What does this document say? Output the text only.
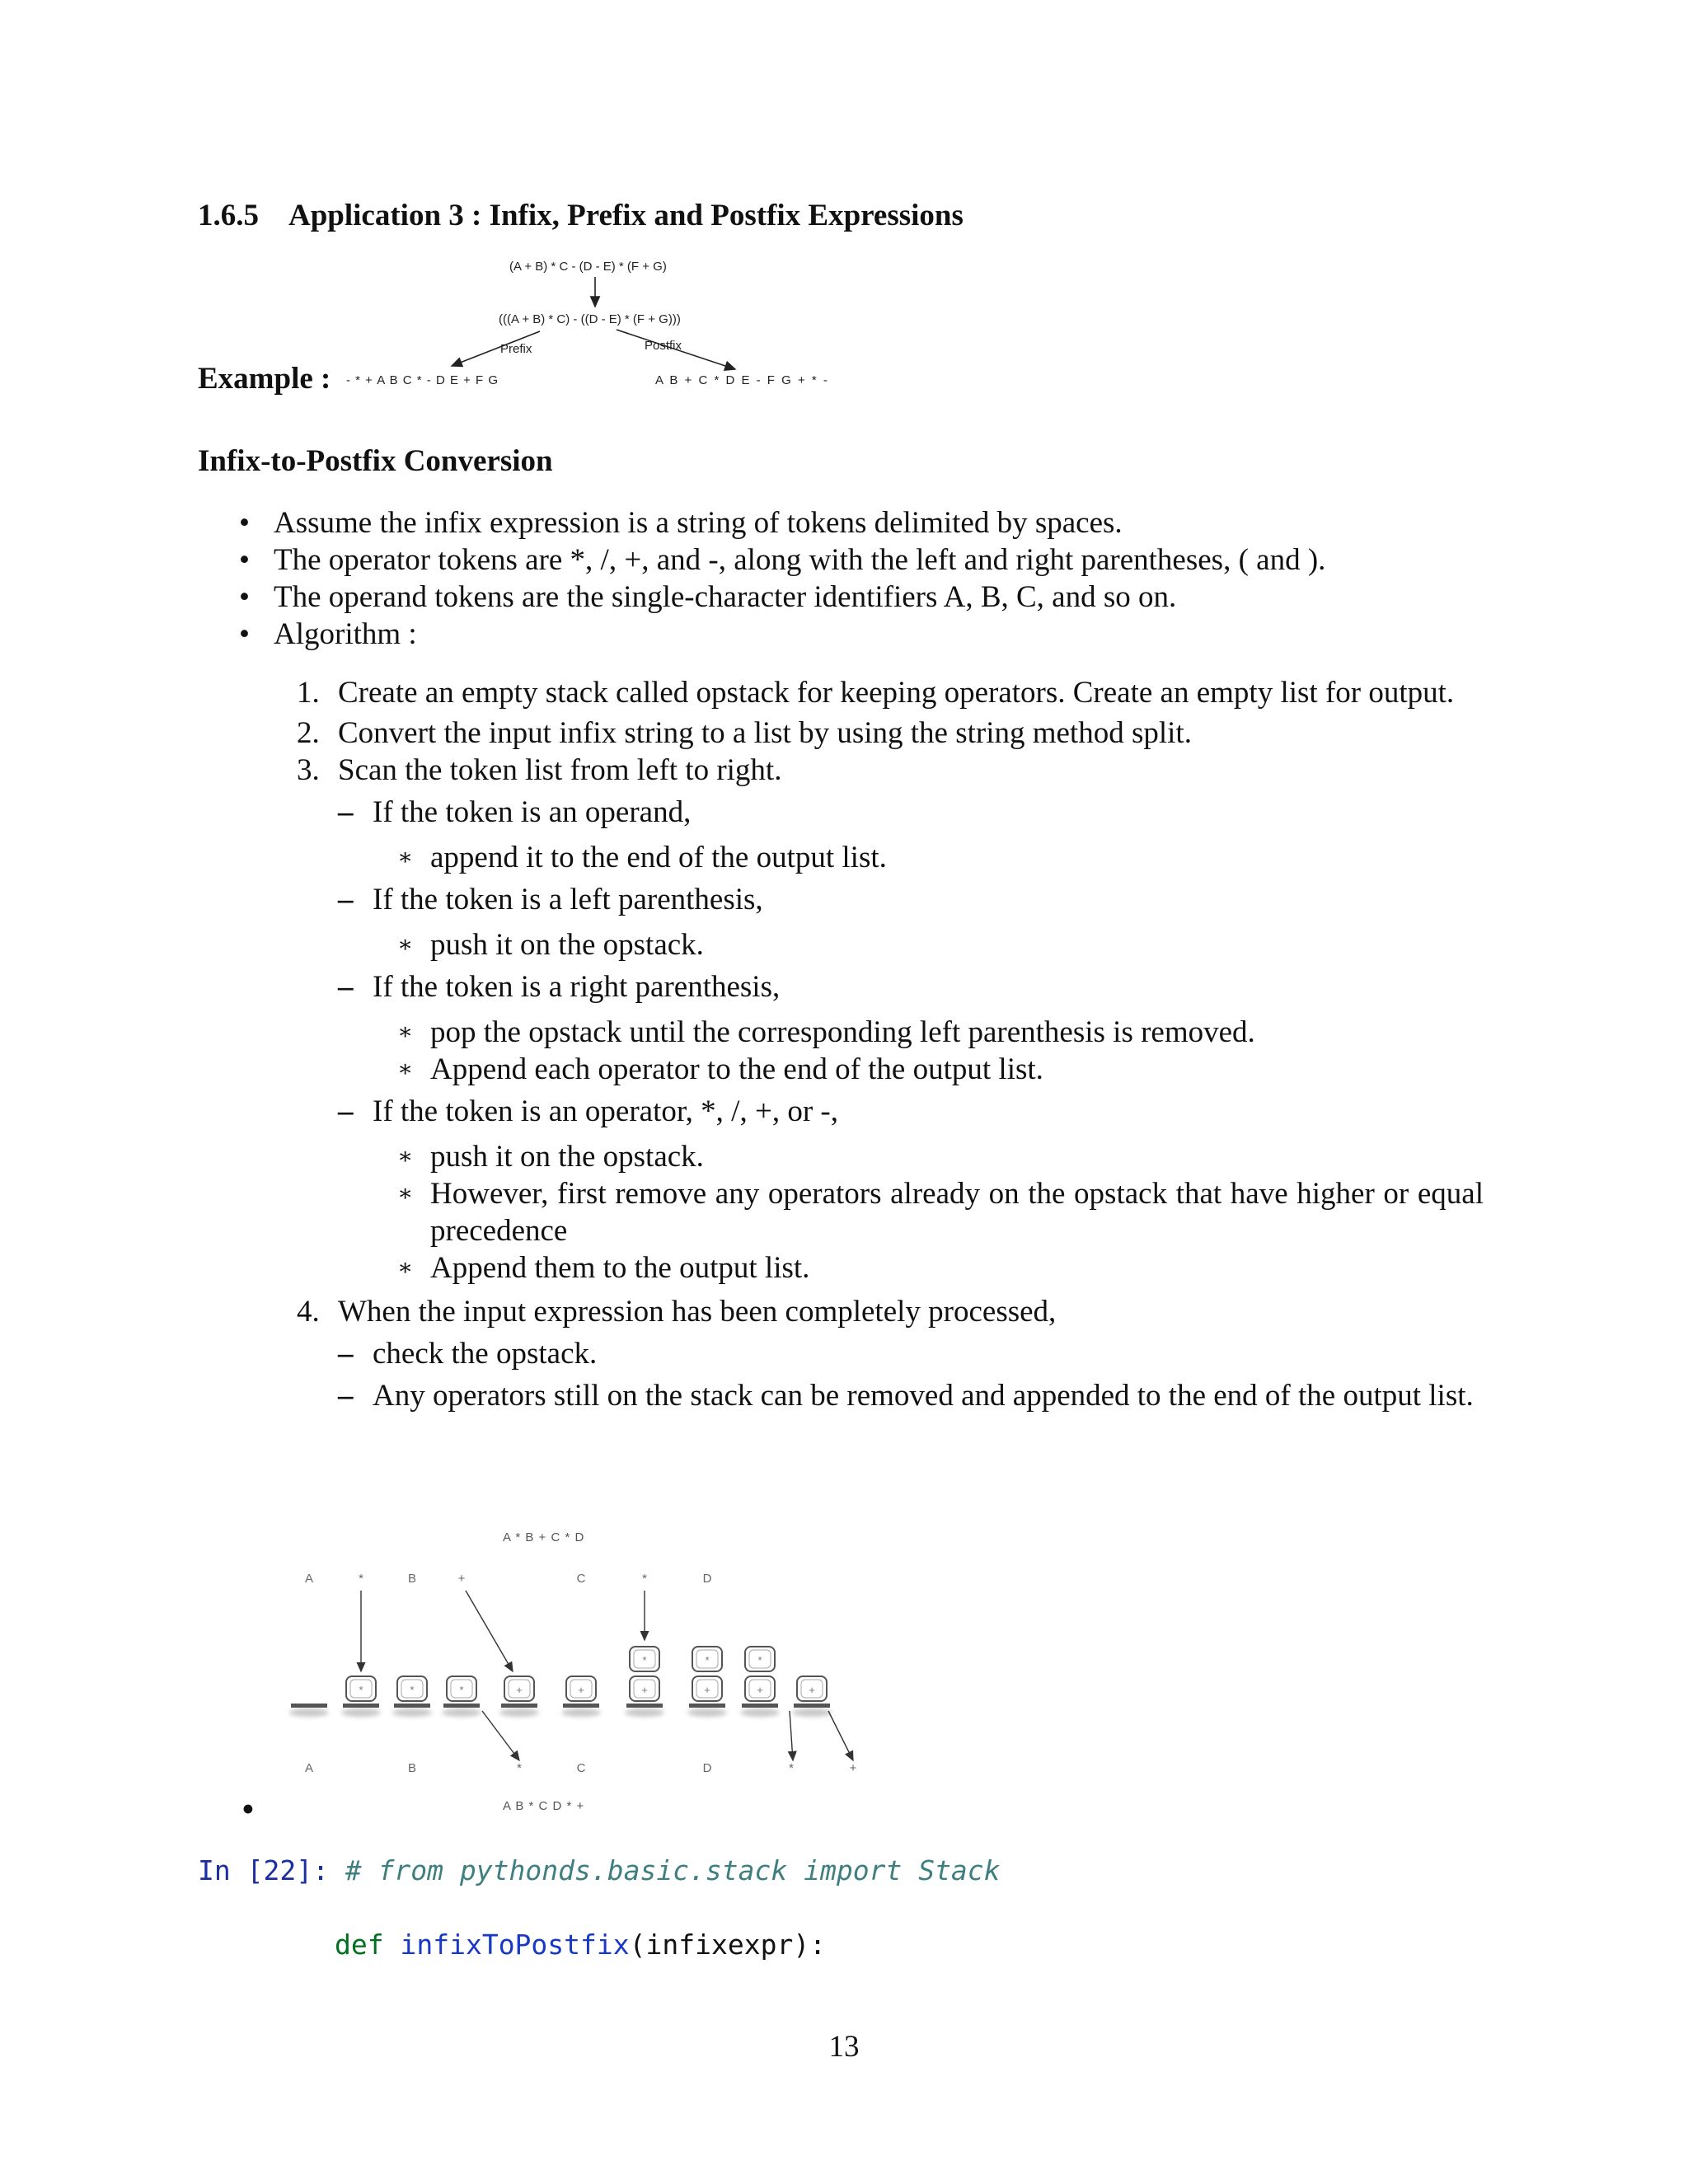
1.6.5 Application 3 : Infix, Prefix and Postfix Expressions
(A + B) * C - (D - E) * (F + G)
(((A + B) * C) - ((D - E) * (F + G)))
Prefix	Postfix
- * + A B C * - D E + F G	A B + C * D E - F G + * -
Example :
Infix-to-Postfix Conversion
• Assume the infix expression is a string of tokens delimited by spaces.
• The operator tokens are *, /, +, and -, along with the left and right parentheses, ( and ).
• The operand tokens are the single-character identifiers A, B, C, and so on.
• Algorithm :
1. Create an empty stack called opstack for keeping operators. Create an empty list for output.
2. Convert the input infix string to a list by using the string method split.
3. Scan the token list from left to right.
– If the token is an operand,
∗ append it to the end of the output list.
– If the token is a left parenthesis,
∗ push it on the opstack.
– If the token is a right parenthesis,
∗ pop the opstack until the corresponding left parenthesis is removed.
∗ Append each operator to the end of the output list.
– If the token is an operator, *, /, +, or -,
∗ push it on the opstack.
∗ However, first remove any operators already on the opstack that have higher or equal precedence
∗ Append them to the output list.
4. When the input expression has been completely processed,
– check the opstack.
– Any operators still on the stack can be removed and appended to the end of the output list.
A * B + C * D
A B * C D * +
A	*	B	+	C	*	D
A	B	*	C	D	*	+
*	*	*	+	+	+
*
+
*
+
*
+
•
In [22]: # from pythonds.basic.stack import Stack
def infixToPostfix(infixexpr):
13
